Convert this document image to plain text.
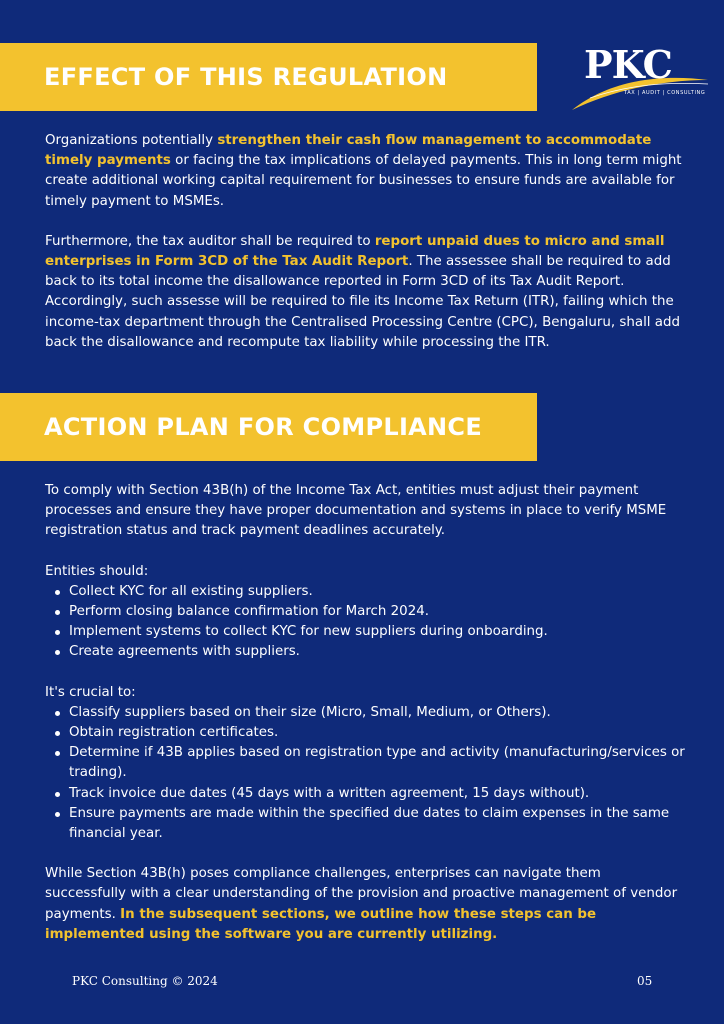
EFFECT OF THIS REGULATION	PKC
TAX | AUDIT | CONSULTING

Organizations potentially strengthen their cash flow management to accommodate timely payments or facing the tax implications of delayed payments. This in long term might create additional working capital requirement for businesses to ensure funds are available for timely payment to MSMEs.

Furthermore, the tax auditor shall be required to report unpaid dues to micro and small enterprises in Form 3CD of the Tax Audit Report. The assessee shall be required to add back to its total income the disallowance reported in Form 3CD of its Tax Audit Report. Accordingly, such assesse will be required to file its Income Tax Return (ITR), failing which the income-tax department through the Centralised Processing Centre (CPC), Bengaluru, shall add back the disallowance and recompute tax liability while processing the ITR.

ACTION PLAN FOR COMPLIANCE

To comply with Section 43B(h) of the Income Tax Act, entities must adjust their payment processes and ensure they have proper documentation and systems in place to verify MSME registration status and track payment deadlines accurately.

Entities should:

Collect KYC for all existing suppliers.
Perform closing balance confirmation for March 2024.
Implement systems to collect KYC for new suppliers during onboarding.
Create agreements with suppliers.

It's crucial to:

Classify suppliers based on their size (Micro, Small, Medium, or Others).
Obtain registration certificates.
Determine if 43B applies based on registration type and activity (manufacturing/services or trading).
Track invoice due dates (45 days with a written agreement, 15 days without).
Ensure payments are made within the specified due dates to claim expenses in the same financial year.

While Section 43B(h) poses compliance challenges, enterprises can navigate them successfully with a clear understanding of the provision and proactive management of vendor payments. In the subsequent sections, we outline how these steps can be implemented using the software you are currently utilizing.

PKC Consulting © 2024	05
